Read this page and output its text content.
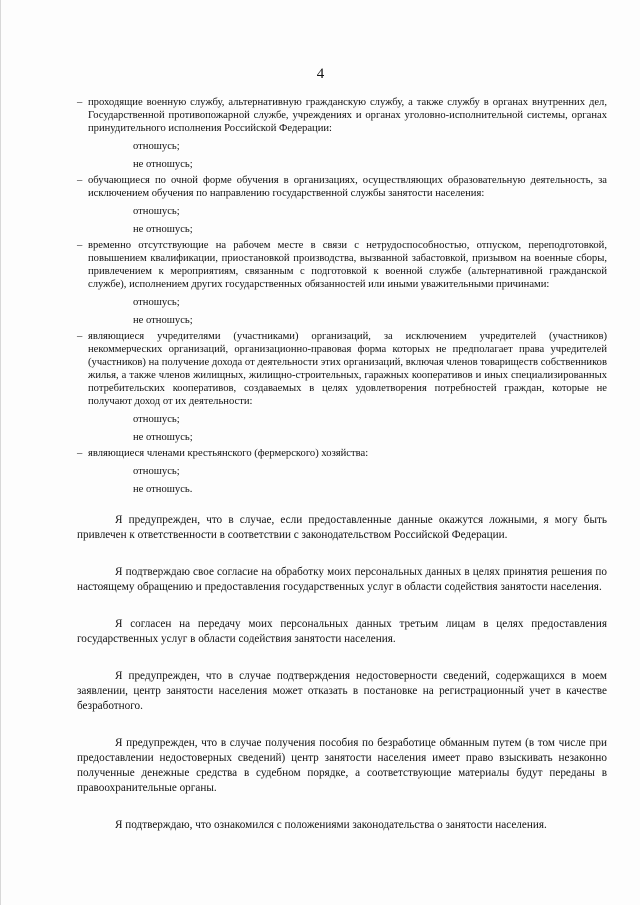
4

– проходящие военную службу, альтернативную гражданскую службу, а также службу в органах внутренних дел, Государственной противопожарной службе, учреждениях и органах уголовно-исполнительной системы, органах принудительного исполнения Российской Федерации:

отношусь;

не отношусь;

– обучающиеся по очной форме обучения в организациях, осуществляющих образовательную деятельность, за исключением обучения по направлению государственной службы занятости населения:

отношусь;

не отношусь;

– временно отсутствующие на рабочем месте в связи с нетрудоспособностью, отпуском, переподготовкой, повышением квалификации, приостановкой производства, вызванной забастовкой, призывом на военные сборы, привлечением к мероприятиям, связанным с подготовкой к военной службе (альтернативной гражданской службе), исполнением других государственных обязанностей или иными уважительными причинами:

отношусь;

не отношусь;

– являющиеся учредителями (участниками) организаций, за исключением учредителей (участников) некоммерческих организаций, организационно-правовая форма которых не предполагает права учредителей (участников) на получение дохода от деятельности этих организаций, включая членов товариществ собственников жилья, а также членов жилищных, жилищно-строительных, гаражных кооперативов и иных специализированных потребительских кооперативов, создаваемых в целях удовлетворения потребностей граждан, которые не получают доход от их деятельности:

отношусь;

не отношусь;

– являющиеся членами крестьянского (фермерского) хозяйства:

отношусь;

не отношусь.

Я предупрежден, что в случае, если предоставленные данные окажутся ложными, я могу быть привлечен к ответственности в соответствии с законодательством Российской Федерации.

Я подтверждаю свое согласие на обработку моих персональных данных в целях принятия решения по настоящему обращению и предоставления государственных услуг в области содействия занятости населения.

Я согласен на передачу моих персональных данных третьим лицам в целях предоставления государственных услуг в области содействия занятости населения.

Я предупрежден, что в случае подтверждения недостоверности сведений, содержащихся в моем заявлении, центр занятости населения может отказать в постановке на регистрационный учет в качестве безработного.

Я предупрежден, что в случае получения пособия по безработице обманным путем (в том числе при предоставлении недостоверных сведений) центр занятости населения имеет право взыскивать незаконно полученные денежные средства в судебном порядке, а соответствующие материалы будут переданы в правоохранительные органы.

Я подтверждаю, что ознакомился с положениями законодательства о занятости населения.
